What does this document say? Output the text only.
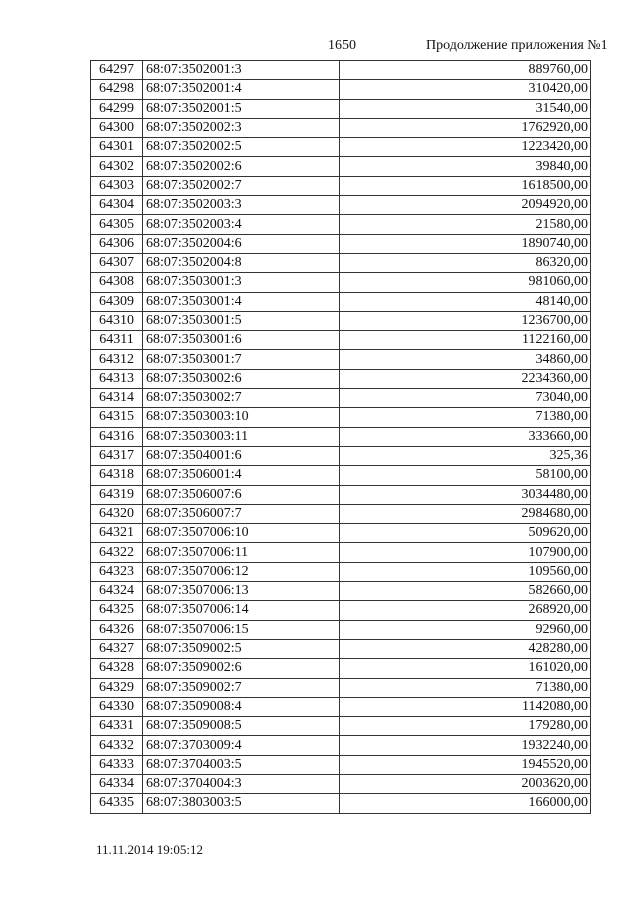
1650	Продолжение приложения №1
64297	68:07:3502001:3	889760,00
64298	68:07:3502001:4	310420,00
64299	68:07:3502001:5	31540,00
64300	68:07:3502002:3	1762920,00
64301	68:07:3502002:5	1223420,00
64302	68:07:3502002:6	39840,00
64303	68:07:3502002:7	1618500,00
64304	68:07:3502003:3	2094920,00
64305	68:07:3502003:4	21580,00
64306	68:07:3502004:6	1890740,00
64307	68:07:3502004:8	86320,00
64308	68:07:3503001:3	981060,00
64309	68:07:3503001:4	48140,00
64310	68:07:3503001:5	1236700,00
64311	68:07:3503001:6	1122160,00
64312	68:07:3503001:7	34860,00
64313	68:07:3503002:6	2234360,00
64314	68:07:3503002:7	73040,00
64315	68:07:3503003:10	71380,00
64316	68:07:3503003:11	333660,00
64317	68:07:3504001:6	325,36
64318	68:07:3506001:4	58100,00
64319	68:07:3506007:6	3034480,00
64320	68:07:3506007:7	2984680,00
64321	68:07:3507006:10	509620,00
64322	68:07:3507006:11	107900,00
64323	68:07:3507006:12	109560,00
64324	68:07:3507006:13	582660,00
64325	68:07:3507006:14	268920,00
64326	68:07:3507006:15	92960,00
64327	68:07:3509002:5	428280,00
64328	68:07:3509002:6	161020,00
64329	68:07:3509002:7	71380,00
64330	68:07:3509008:4	1142080,00
64331	68:07:3509008:5	179280,00
64332	68:07:3703009:4	1932240,00
64333	68:07:3704003:5	1945520,00
64334	68:07:3704004:3	2003620,00
64335	68:07:3803003:5	166000,00
11.11.2014 19:05:12
